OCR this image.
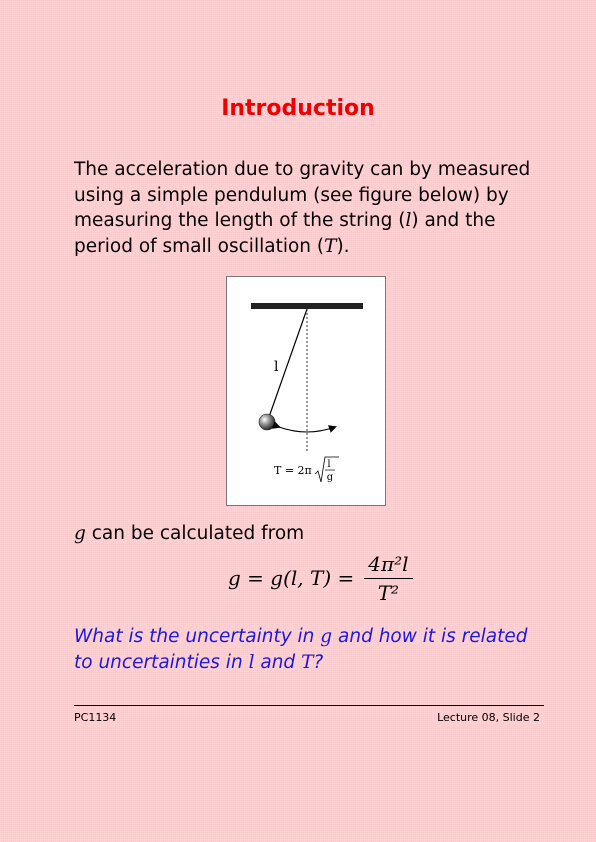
Introduction

The acceleration due to gravity can by measured using a simple pendulum (see figure below) by measuring the length of the string (l) and the period of small oscillation (T).

l
T = 2π l
g

g can be calculated from

g = g(l, $T) = \frac{\text{4π²l}}{\text{T²}}$

What is the uncertainty in g and how it is related to uncertainties in l and T?

PC1134	Lecture 08, Slide 2
